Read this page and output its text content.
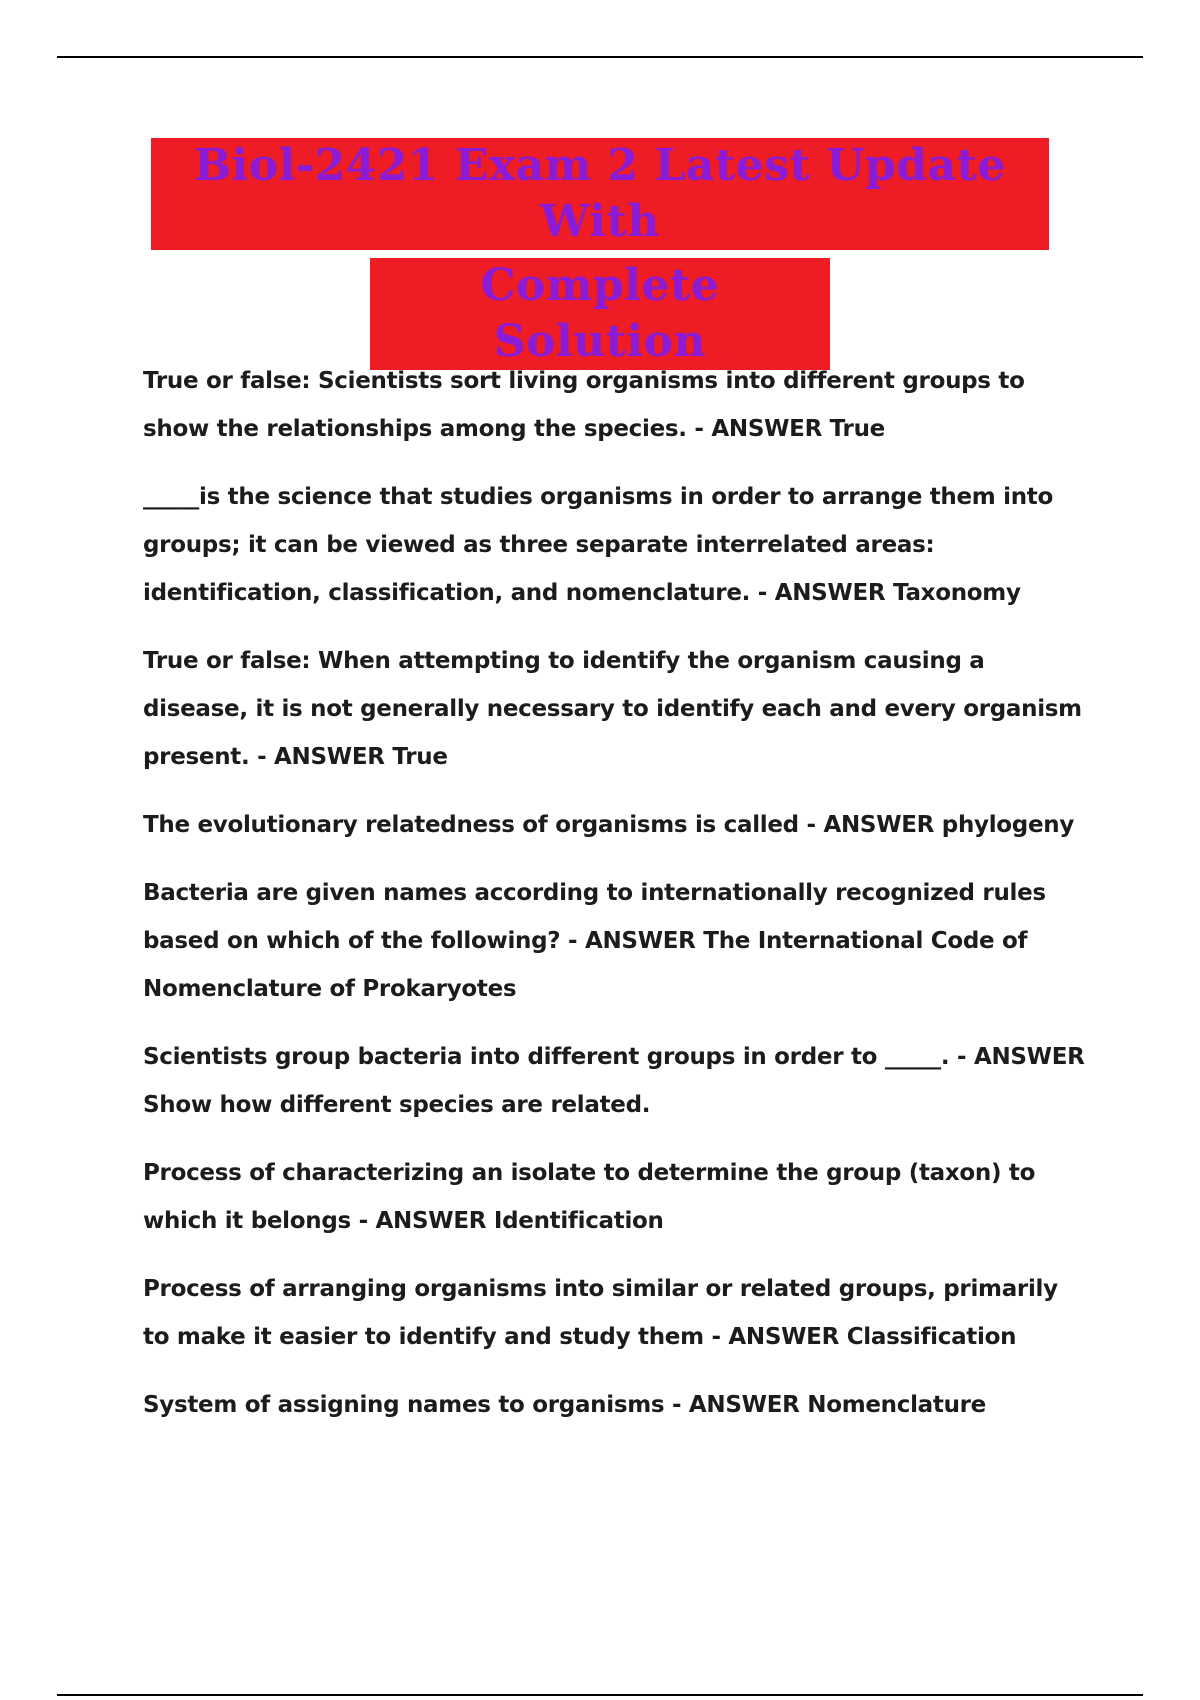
Biol-2421 Exam 2 Latest Update With
Complete Solution
True or false: Scientists sort living organisms into different groups to show the relationships among the species. - ANSWER True
_____is the science that studies organisms in order to arrange them into groups; it can be viewed as three separate interrelated areas: identification, classification, and nomenclature. - ANSWER Taxonomy
True or false: When attempting to identify the organism causing a disease, it is not generally necessary to identify each and every organism present. - ANSWER True
The evolutionary relatedness of organisms is called - ANSWER phylogeny
Bacteria are given names according to internationally recognized rules based on which of the following? - ANSWER The International Code of Nomenclature of Prokaryotes
Scientists group bacteria into different groups in order to _____. - ANSWER Show how different species are related.
Process of characterizing an isolate to determine the group (taxon) to which it belongs - ANSWER Identification
Process of arranging organisms into similar or related groups, primarily to make it easier to identify and study them - ANSWER Classification
System of assigning names to organisms - ANSWER Nomenclature
